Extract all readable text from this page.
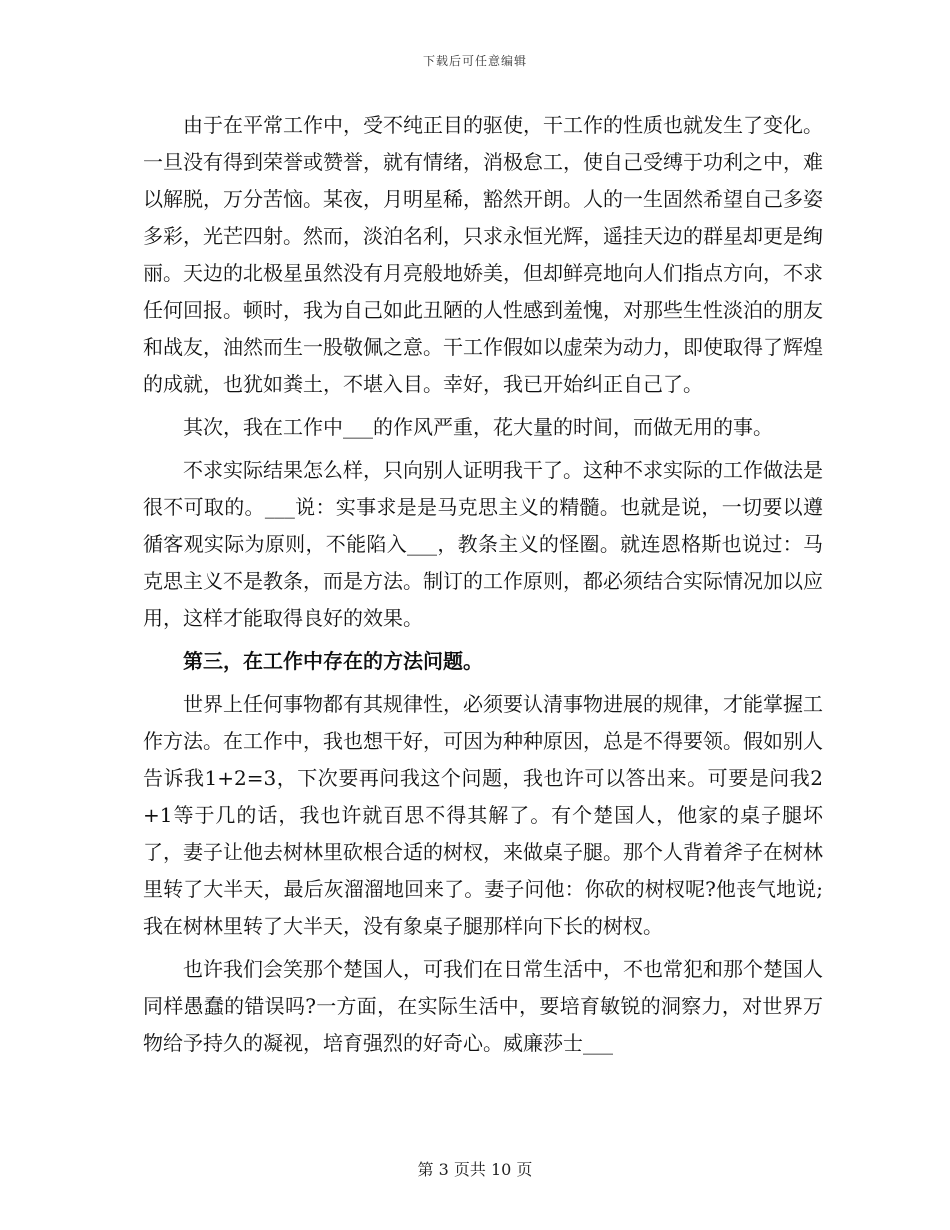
下载后可任意编辑

由于在平常工作中，受不纯正目的驱使，干工作的性质也就发生了变化。一旦没有得到荣誉或赞誉，就有情绪，消极怠工，使自己受缚于功利之中，难以解脱，万分苦恼。某夜，月明星稀，豁然开朗。人的一生固然希望自己多姿多彩，光芒四射。然而，淡泊名利，只求永恒光辉，遥挂天边的群星却更是绚丽。天边的北极星虽然没有月亮般地娇美，但却鲜亮地向人们指点方向，不求任何回报。顿时，我为自己如此丑陋的人性感到羞愧，对那些生性淡泊的朋友和战友，油然而生一股敬佩之意。干工作假如以虚荣为动力，即使取得了辉煌的成就，也犹如粪土，不堪入目。幸好，我已开始纠正自己了。

其次，我在工作中___的作风严重，花大量的时间，而做无用的事。

不求实际结果怎么样，只向别人证明我干了。这种不求实际的工作做法是很不可取的。___说：实事求是是马克思主义的精髓。也就是说，一切要以遵循客观实际为原则，不能陷入___，教条主义的怪圈。就连恩格斯也说过：马克思主义不是教条，而是方法。制订的工作原则，都必须结合实际情况加以应用，这样才能取得良好的效果。

第三，在工作中存在的方法问题。

世界上任何事物都有其规律性，必须要认清事物进展的规律，才能掌握工作方法。在工作中，我也想干好，可因为种种原因，总是不得要领。假如别人告诉我1+2=3，下次要再问我这个问题，我也许可以答出来。可要是问我2+1等于几的话，我也许就百思不得其解了。有个楚国人，他家的桌子腿坏了，妻子让他去树林里砍根合适的树杈，来做桌子腿。那个人背着斧子在树林里转了大半天，最后灰溜溜地回来了。妻子问他：你砍的树杈呢?他丧气地说;我在树林里转了大半天，没有象桌子腿那样向下长的树杈。

也许我们会笑那个楚国人，可我们在日常生活中，不也常犯和那个楚国人同样愚蠢的错误吗?一方面，在实际生活中，要培育敏锐的洞察力，对世界万物给予持久的凝视，培育强烈的好奇心。威廉莎士___

第 3 页共 10 页
